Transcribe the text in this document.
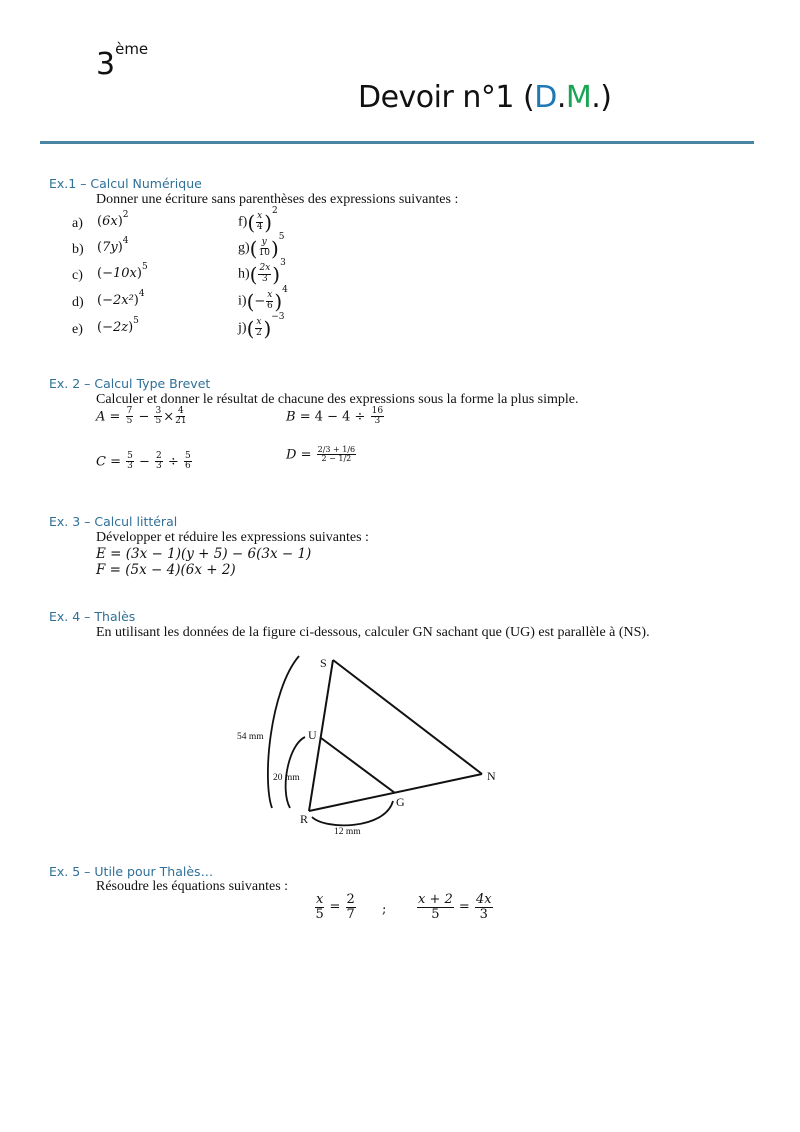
3ème
Devoir n°1 (D.M.)
Ex.1 – Calcul Numérique
Donner une écriture sans parenthèses des expressions suivantes :
a) $(6x)^2$
b) $(7y)^4$
c) $(-10x)^5$
d) $(-2x^2)^4$
e) $(-2z)^5$
$f)( \frac{x}{4} )^2$
$g)( \frac{y}{10} )^5$
$h)( \frac{2x}{3} )^3$
$i)(- \frac{x}{6} )^4$
$j)( \frac{x}{2} )^{-3}$
Ex. 2 – Calcul Type Brevet
Calculer et donner le résultat de chacune des expressions sous la forme la plus simple.
$A = \frac{7}{5} - \frac{3}{5} \times \frac{4}{21}$	$B = 4 - 4 \div \frac{16}{3}$
$C = \frac{5}{3} - \frac{2}{3} \div \frac{5}{6}$	$D = \frac{2/3 + 1/6}{2 - 1/2}$
Ex. 3 – Calcul littéral
Développer et réduire les expressions suivantes :
E = (3x − 1)(y + 5) − 6(3x − 1)
F = (5x − 4)(6x + 2)
Ex. 4 – Thalès
En utilisant les données de la figure ci-dessous, calculer GN sachant que (UG) est parallèle à (NS).
S
U
R
G
N
54 mm
20 mm
12 mm
Ex. 5 – Utile pour Thalès…
Résoudre les équations suivantes :
$\frac{x}{5} = \frac{2}{7}$ ; $\frac{x + 2}{5} = \frac{4x}{3}$
